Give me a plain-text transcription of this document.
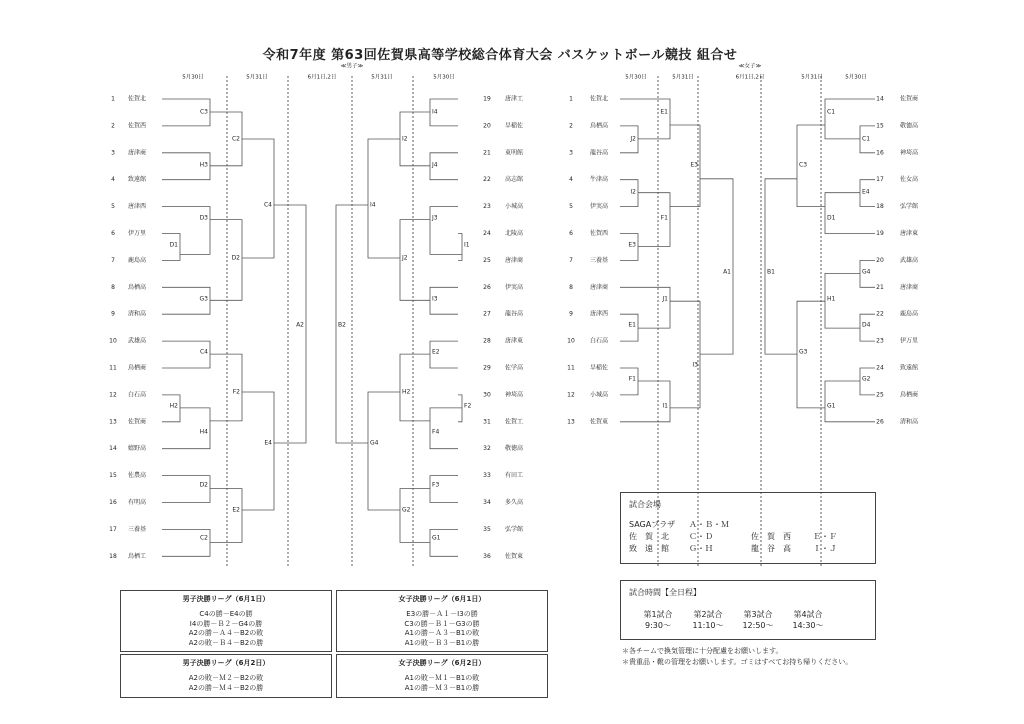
令和7年度 第63回佐賀県高等学校総合体育大会 バスケットボール競技 組合せ
≪男子≫	≪女子≫
5月30日	5月31日	6月1日,2日	5月31日	5月30日	5月30日	5月31日	6月1日,2日	5月31日	5月30日
1 佐賀北
2 佐賀西
3 唐津商
4 致遠館
5 唐津西
6 伊万里
7 鹿島高
8 鳥栖高
9 清和高
10 武雄高
11 鳥栖商
12 白石高
13 佐賀商
14 嬉野高
15 佐農高
16 有明高
17 三養基
18 鳥栖工
19 唐津工
20 早稲佐
21 東明館
22 高志館
23 小城高
24 北陵高
25 唐津商
26 伊実高
27 龍谷高
28 唐津東
29 佐学高
30 神埼高
31 佐賀工
32 敬徳高
33 有田工
34 多久高
35 弘学館
36 佐賀東
C3
H3
D3
D1
G3
C4
H2
H4
D2
C2
C2
D2
F2
E2
C4
E4
A2
I4
J4
J3
I1
I3
E2
F2
F4
F3
G1
I2
J2
H2
G2
I4
G4
B2
1	佐賀北
2	鳥栖高
3	龍谷高
4	牛津高
5	伊実高
6	佐賀西
7	三養基
8	唐津商
9	唐津西
10	白石高
11	早稲佐
12	小城高
13	佐賀東
14	佐賀商
15	敬徳高
16	神埼高
17	佐女高
18	弘学館
19	唐津東
20	武雄高
21	唐津商
22	鹿島高
23	伊万里
24	致遠館
25	鳥栖商
26	清和高
E1
J2
I2
F1
E3
E3
J1
E1
F1
I1
I3
A1
C1
C1
E4
D1
C3
G4
H1
D4
G2
G1
G3
B1
男子決勝リーグ（6月1日）
C4の勝－E4の勝
I4の勝－Ｂ２－G4の勝
A2の勝－Ａ４－B2の敗
A2の敗－Ｂ４－B2の勝
女子決勝リーグ（6月1日）
E3の勝－Ａ１－I3の勝
C3の勝－Ｂ１－G3の勝
A1の勝－Ａ３－B1の敗
A1の敗－Ｂ３－B1の勝
男子決勝リーグ（6月2日）
A2の敗－Ｍ２－B2の敗
A2の勝－Ｍ４－B2の勝
女子決勝リーグ（6月2日）
A1の敗－Ｍ１－B1の敗
A1の勝－Ｍ３－B1の勝
試合会場
SAGAプラザ Ａ・Ｂ・Ｍ
佐　賀　北	Ｃ・Ｄ	佐　賀　西	Ｅ・Ｆ
致　遠　館	Ｇ・Ｈ	龍　谷　高	Ｉ・Ｊ
試合時間【全日程】
第1試合
9:30～
第2試合
11:10～
第3試合
12:50～
第4試合
14:30～
＊各チームで換気管理に十分配慮をお願いします。
＊貴重品・靴の管理をお願いします。ゴミはすべてお持ち帰りください。
